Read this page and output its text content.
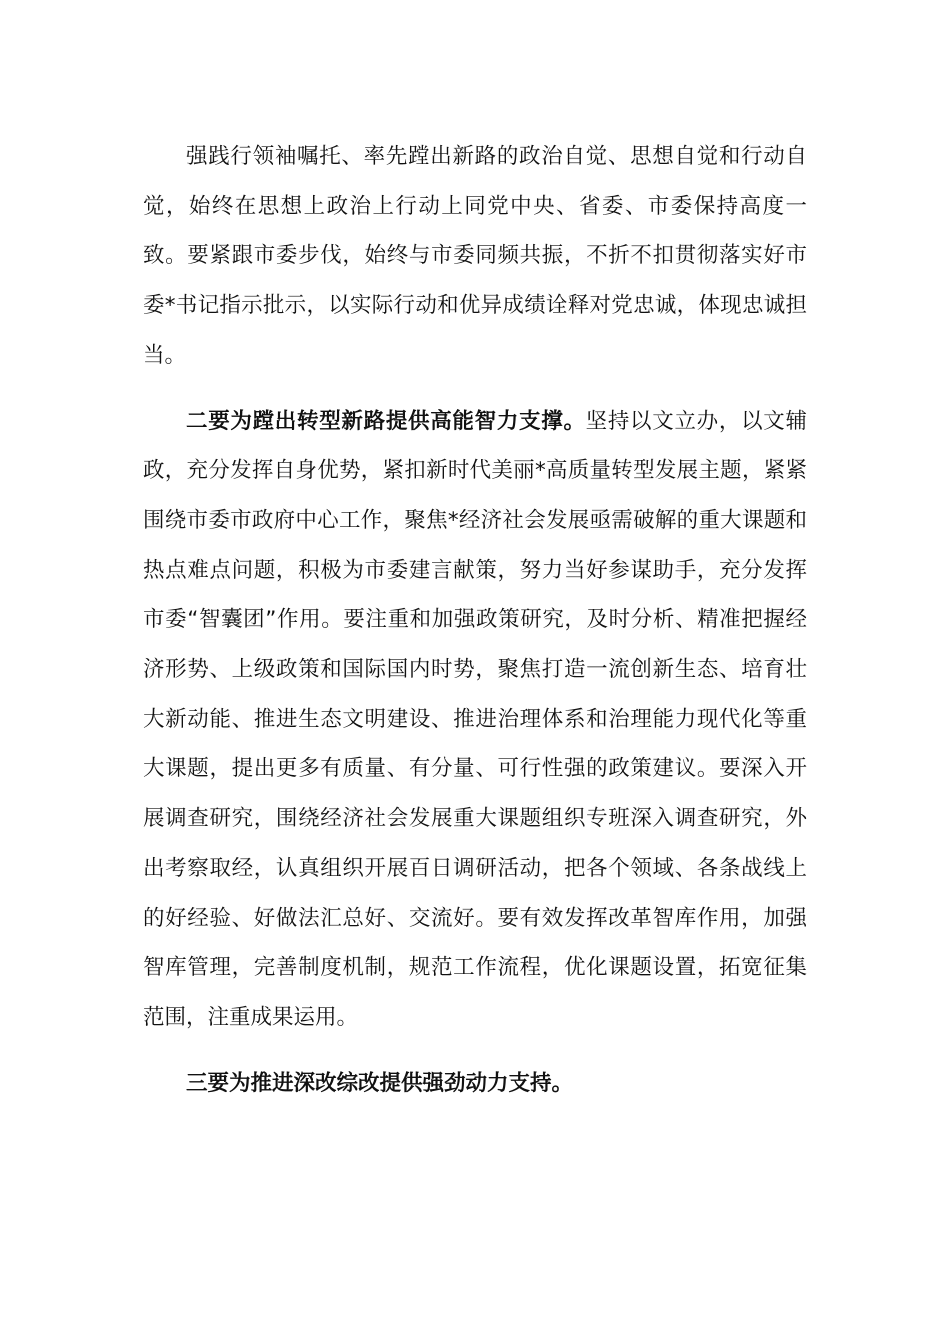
强践行领袖嘱托、率先蹚出新路的政治自觉、思想自觉和行动自觉，始终在思想上政治上行动上同党中央、省委、市委保持高度一致。要紧跟市委步伐，始终与市委同频共振，不折不扣贯彻落实好市委*书记指示批示，以实际行动和优异成绩诠释对党忠诚，体现忠诚担当。

二要为蹚出转型新路提供高能智力支撑。坚持以文立办，以文辅政，充分发挥自身优势，紧扣新时代美丽*高质量转型发展主题，紧紧围绕市委市政府中心工作，聚焦*经济社会发展亟需破解的重大课题和热点难点问题，积极为市委建言献策，努力当好参谋助手，充分发挥市委“智囊团”作用。要注重和加强政策研究，及时分析、精准把握经济形势、上级政策和国际国内时势，聚焦打造一流创新生态、培育壮大新动能、推进生态文明建设、推进治理体系和治理能力现代化等重大课题，提出更多有质量、有分量、可行性强的政策建议。要深入开展调查研究，围绕经济社会发展重大课题组织专班深入调查研究，外出考察取经，认真组织开展百日调研活动，把各个领域、各条战线上的好经验、好做法汇总好、交流好。要有效发挥改革智库作用，加强智库管理，完善制度机制，规范工作流程，优化课题设置，拓宽征集范围，注重成果运用。

三要为推进深改综改提供强劲动力支持。
